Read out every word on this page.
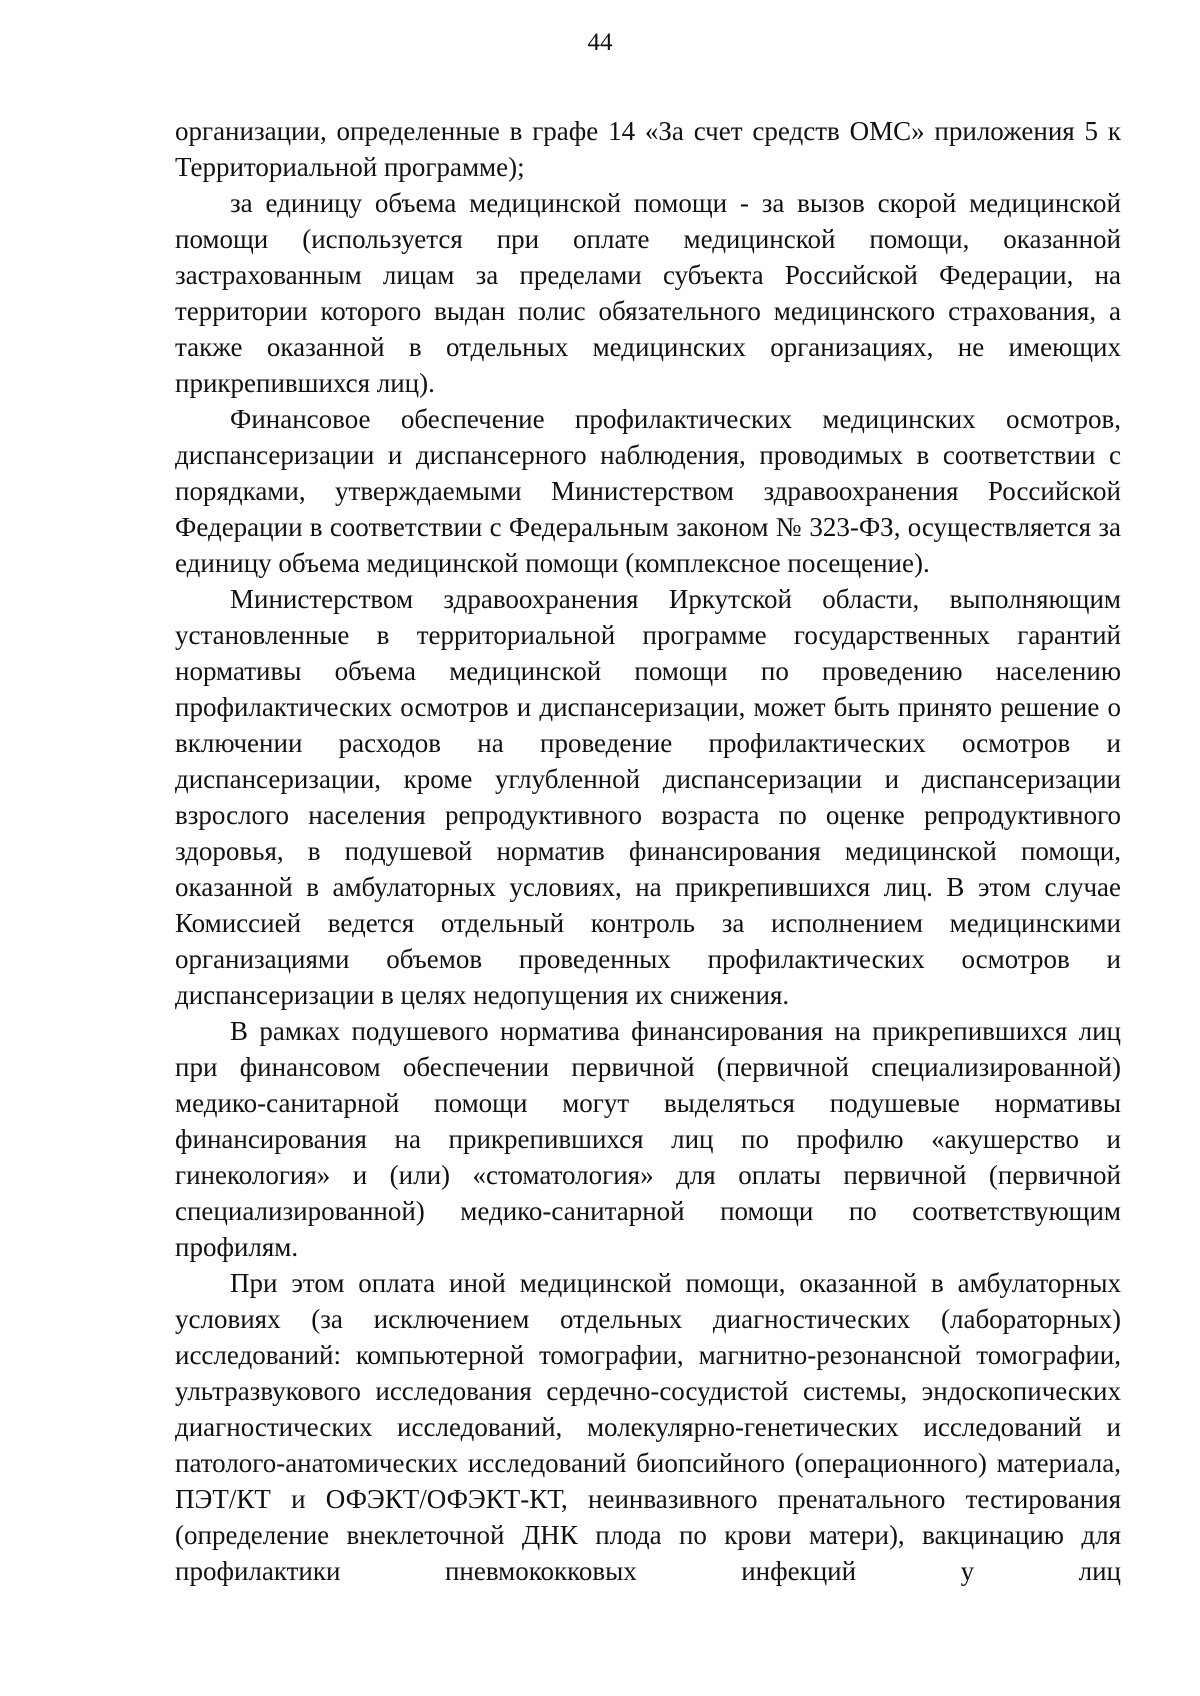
44

организации, определенные в графе 14 «За счет средств ОМС» приложения 5 к Территориальной программе);

за единицу объема медицинской помощи - за вызов скорой медицинской помощи (используется при оплате медицинской помощи, оказанной застрахованным лицам за пределами субъекта Российской Федерации, на территории которого выдан полис обязательного медицинского страхования, а также оказанной в отдельных медицинских организациях, не имеющих прикрепившихся лиц).

Финансовое обеспечение профилактических медицинских осмотров, диспансеризации и диспансерного наблюдения, проводимых в соответствии с порядками, утверждаемыми Министерством здравоохранения Российской Федерации в соответствии с Федеральным законом № 323-ФЗ, осуществляется за единицу объема медицинской помощи (комплексное посещение).

Министерством здравоохранения Иркутской области, выполняющим установленные в территориальной программе государственных гарантий нормативы объема медицинской помощи по проведению населению профилактических осмотров и диспансеризации, может быть принято решение о включении расходов на проведение профилактических осмотров и диспансеризации, кроме углубленной диспансеризации и диспансеризации взрослого населения репродуктивного возраста по оценке репродуктивного здоровья, в подушевой норматив финансирования медицинской помощи, оказанной в амбулаторных условиях, на прикрепившихся лиц. В этом случае Комиссией ведется отдельный контроль за исполнением медицинскими организациями объемов проведенных профилактических осмотров и диспансеризации в целях недопущения их снижения.

В рамках подушевого норматива финансирования на прикрепившихся лиц при финансовом обеспечении первичной (первичной специализированной) медико-санитарной помощи могут выделяться подушевые нормативы финансирования на прикрепившихся лиц по профилю «акушерство и гинекология» и (или) «стоматология» для оплаты первичной (первичной специализированной) медико-санитарной помощи по соответствующим профилям.

При этом оплата иной медицинской помощи, оказанной в амбулаторных условиях (за исключением отдельных диагностических (лабораторных) исследований: компьютерной томографии, магнитно-резонансной томографии, ультразвукового исследования сердечно-сосудистой системы, эндоскопических диагностических исследований, молекулярно-генетических исследований и патолого-анатомических исследований биопсийного (операционного) материала, ПЭТ/КТ и ОФЭКТ/ОФЭКТ-КТ, неинвазивного пренатального тестирования (определение внеклеточной ДНК плода по крови матери), вакцинацию для профилактики пневмококковых инфекций у лиц
